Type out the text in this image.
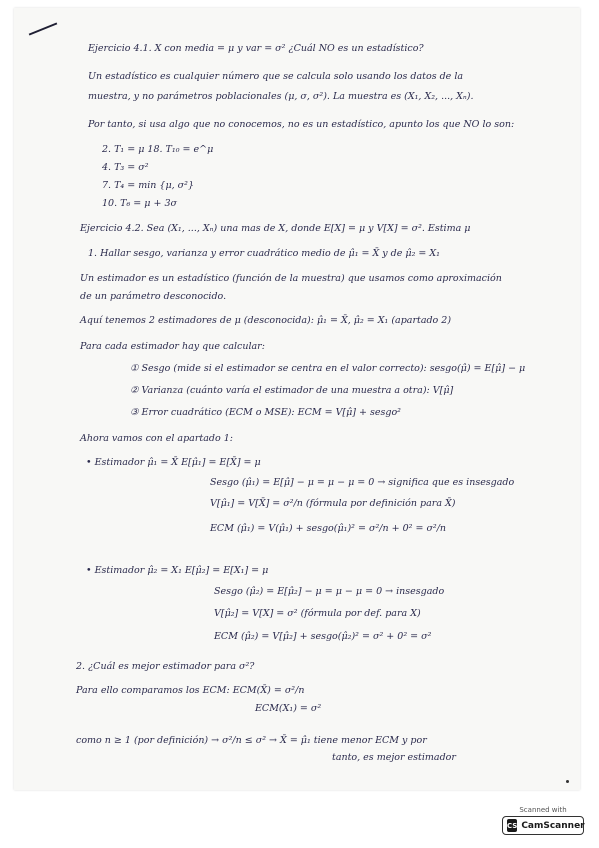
Ejercicio 4.1. X con media = μ y var = σ² ¿Cuál NO es un estadístico?
Un estadístico es cualquier número que se calcula solo usando los datos de la
muestra, y no parámetros poblacionales (μ, σ, σ²). La muestra es (X₁, X₂, ..., Xₙ).
Por tanto, si usa algo que no conocemos, no es un estadístico, apunto los que NO lo son:
2. T₁ = μ 18. T₁₀ = e^μ
4. T₃ = σ²
7. T₄ = min {μ, σ²}
10. T₆ = μ + 3σ
Ejercicio 4.2. Sea (X₁, ..., Xₙ) una mas de X, donde E[X] = μ y V[X] = σ². Estima μ
1. Hallar sesgo, varianza y error cuadrático medio de μ̂₁ = X̄ y de μ̂₂ = X₁
Un estimador es un estadístico (función de la muestra) que usamos como aproximación
de un parámetro desconocido.
Aquí tenemos 2 estimadores de μ (desconocida): μ̂₁ = X̄, μ̂₂ = X₁ (apartado 2)
Para cada estimador hay que calcular:
① Sesgo (mide si el estimador se centra en el valor correcto): sesgo(μ̂) = E[μ̂] − μ
② Varianza (cuánto varía el estimador de una muestra a otra): V[μ̂]
③ Error cuadrático (ECM o MSE): ECM = V[μ̂] + sesgo²
Ahora vamos con el apartado 1:
• Estimador μ̂₁ = X̄ E[μ̂₁] = E[X̄] = μ
Sesgo (μ̂₁) = E[μ̂] − μ = μ − μ = 0 → significa que es insesgado
V[μ̂₁] = V[X̄] = σ²/n (fórmula por definición para X̄)
ECM (μ̂₁) = V(μ̂₁) + sesgo(μ̂₁)² = σ²/n + 0² = σ²/n
• Estimador μ̂₂ = X₁ E[μ̂₂] = E[X₁] = μ
Sesgo (μ̂₂) = E[μ̂₂] − μ = μ − μ = 0 → insesgado
V[μ̂₂] = V[X] = σ² (fórmula por def. para X)
ECM (μ̂₂) = V[μ̂₂] + sesgo(μ̂₂)² = σ² + 0² = σ²
2. ¿Cuál es mejor estimador para σ²?
Para ello comparamos los ECM: ECM(X̄) = σ²/n
ECM(X₁) = σ²
como n ≥ 1 (por definición) → σ²/n ≤ σ² → X̄ = μ̂₁ tiene menor ECM y por
tanto, es mejor estimador
Scanned with
CS CamScanner
